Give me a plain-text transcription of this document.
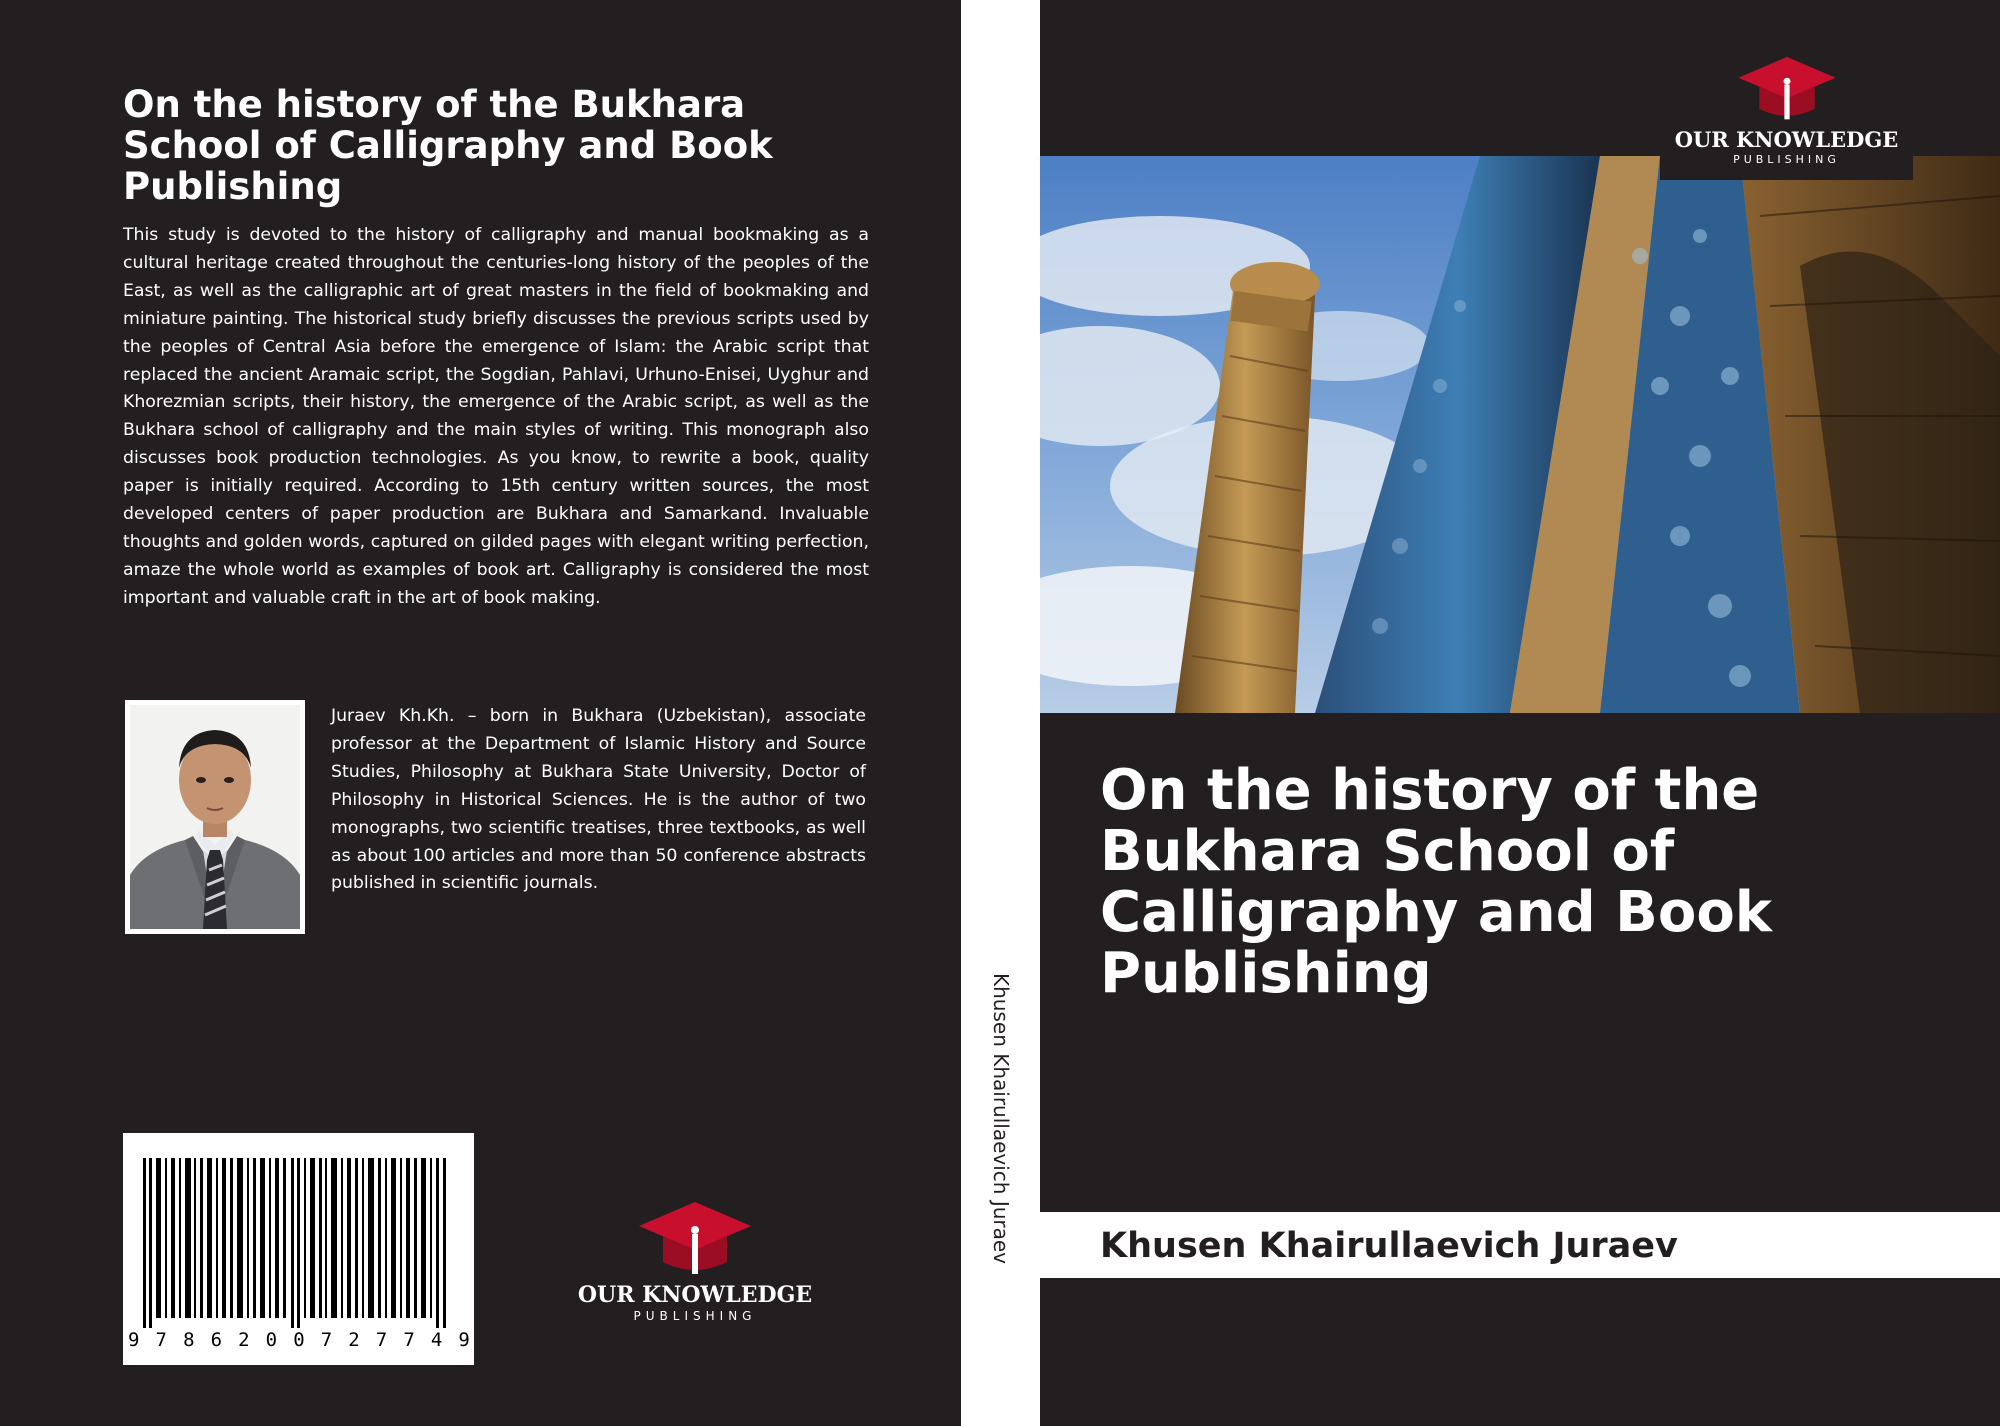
On the history of the Bukhara School of Calligraphy and Book Publishing

This study is devoted to the history of calligraphy and manual bookmaking as a cultural heritage created throughout the centuries-long history of the peoples of the East, as well as the calligraphic art of great masters in the field of bookmaking and miniature painting. The historical study briefly discusses the previous scripts used by the peoples of Central Asia before the emergence of Islam: the Arabic script that replaced the ancient Aramaic script, the Sogdian, Pahlavi, Urhuno-Enisei, Uyghur and Khorezmian scripts, their history, the emergence of the Arabic script, as well as the Bukhara school of calligraphy and the main styles of writing. This monograph also discusses book production technologies. As you know, to rewrite a book, quality paper is initially required. According to 15th century written sources, the most developed centers of paper production are Bukhara and Samarkand. Invaluable thoughts and golden words, captured on gilded pages with elegant writing perfection, amaze the whole world as examples of book art. Calligraphy is considered the most important and valuable craft in the art of book making.

Juraev Kh.Kh. – born in Bukhara (Uzbekistan), associate professor at the Department of Islamic History and Source Studies, Philosophy at Bukhara State University, Doctor of Philosophy in Historical Sciences. He is the author of two monographs, two scientific treatises, three textbooks, as well as about 100 articles and more than 50 conference abstracts published in scientific journals.

9 7 8 6 2 0 0 7 2 7 7 4 9
OUR KNOWLEDGE
PUBLISHING
Khusen Khairullaevich Juraev
OUR KNOWLEDGE
PUBLISHING
On the history of the Bukhara School of Calligraphy and Book Publishing
Khusen Khairullaevich Juraev
